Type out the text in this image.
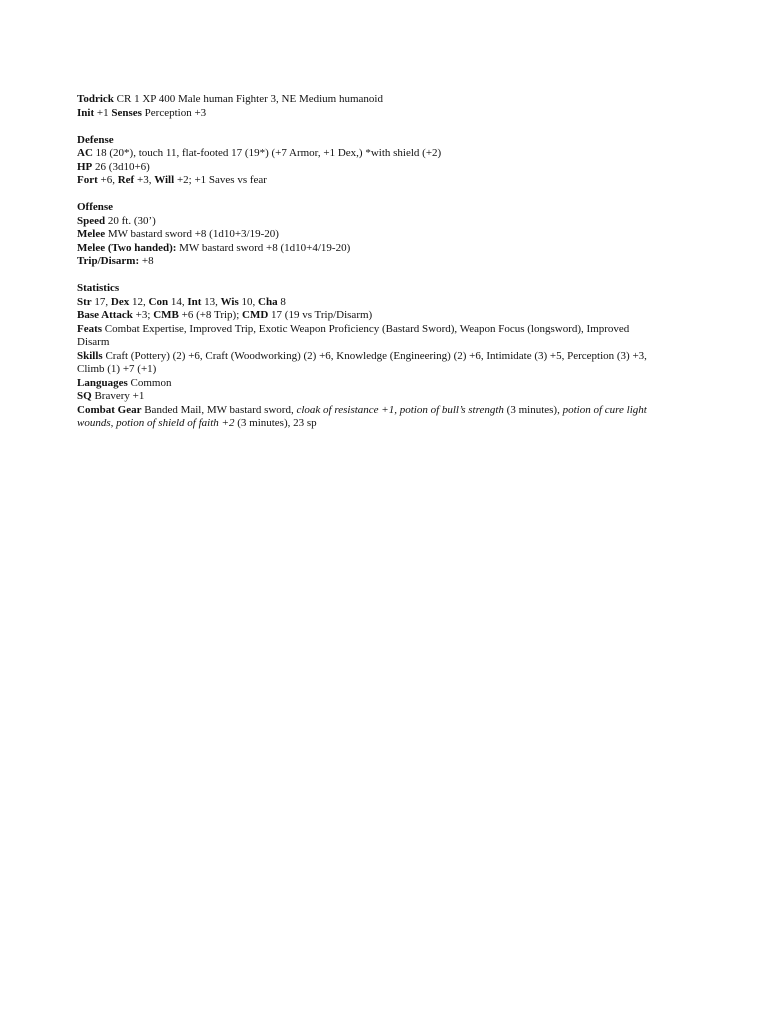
Todrick CR 1 XP 400 Male human Fighter 3, NE Medium humanoid
Init +1 Senses Perception +3
Defense
AC 18 (20*), touch 11, flat-footed 17 (19*) (+7 Armor, +1 Dex,) *with shield (+2)
HP 26 (3d10+6)
Fort +6, Ref +3, Will +2; +1 Saves vs fear
Offense
Speed 20 ft. (30’)
Melee MW bastard sword +8 (1d10+3/19-20)
Melee (Two handed): MW bastard sword +8 (1d10+4/19-20)
Trip/Disarm: +8
Statistics
Str 17, Dex 12, Con 14, Int 13, Wis 10, Cha 8
Base Attack +3; CMB +6 (+8 Trip); CMD 17 (19 vs Trip/Disarm)
Feats Combat Expertise, Improved Trip, Exotic Weapon Proficiency (Bastard Sword), Weapon Focus (longsword), Improved
Disarm
Skills Craft (Pottery) (2) +6, Craft (Woodworking) (2) +6, Knowledge (Engineering) (2) +6, Intimidate (3) +5, Perception (3) +3,
Climb (1) +7 (+1)
Languages Common
SQ Bravery +1
Combat Gear Banded Mail, MW bastard sword, cloak of resistance +1, potion of bull’s strength (3 minutes), potion of cure light
wounds, potion of shield of faith +2 (3 minutes), 23 sp
